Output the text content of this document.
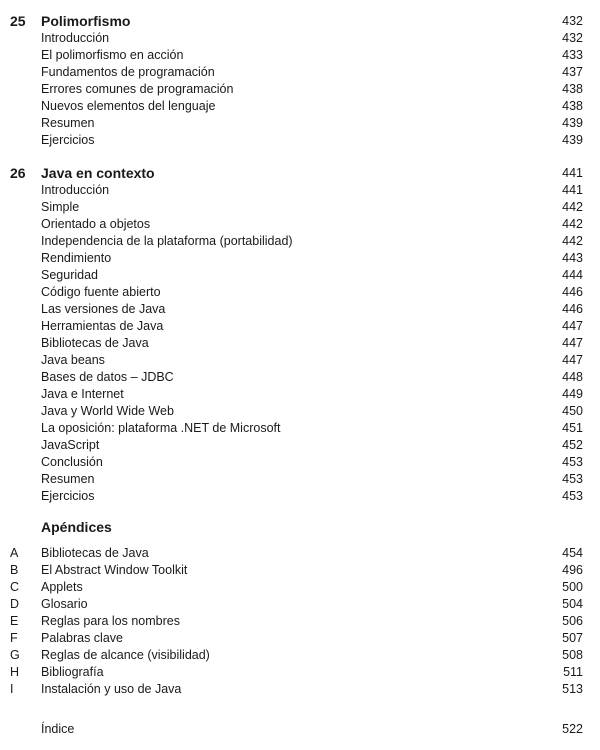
25 Polimorfismo	432
Introducción	432
El polimorfismo en acción	433
Fundamentos de programación	437
Errores comunes de programación	438
Nuevos elementos del lenguaje	438
Resumen	439
Ejercicios	439
26 Java en contexto	441
Introducción	441
Simple	442
Orientado a objetos	442
Independencia de la plataforma (portabilidad)	442
Rendimiento	443
Seguridad	444
Código fuente abierto	446
Las versiones de Java	446
Herramientas de Java	447
Bibliotecas de Java	447
Java beans	447
Bases de datos – JDBC	448
Java e Internet	449
Java y World Wide Web	450
La oposición: plataforma .NET de Microsoft	451
JavaScript	452
Conclusión	453
Resumen	453
Ejercicios	453
Apéndices
A Bibliotecas de Java	454
B El Abstract Window Toolkit	496
C Applets	500
D Glosario	504
E Reglas para los nombres	506
F Palabras clave	507
G Reglas de alcance (visibilidad)	508
H Bibliografía	511
I Instalación y uso de Java	513
Índice	522
